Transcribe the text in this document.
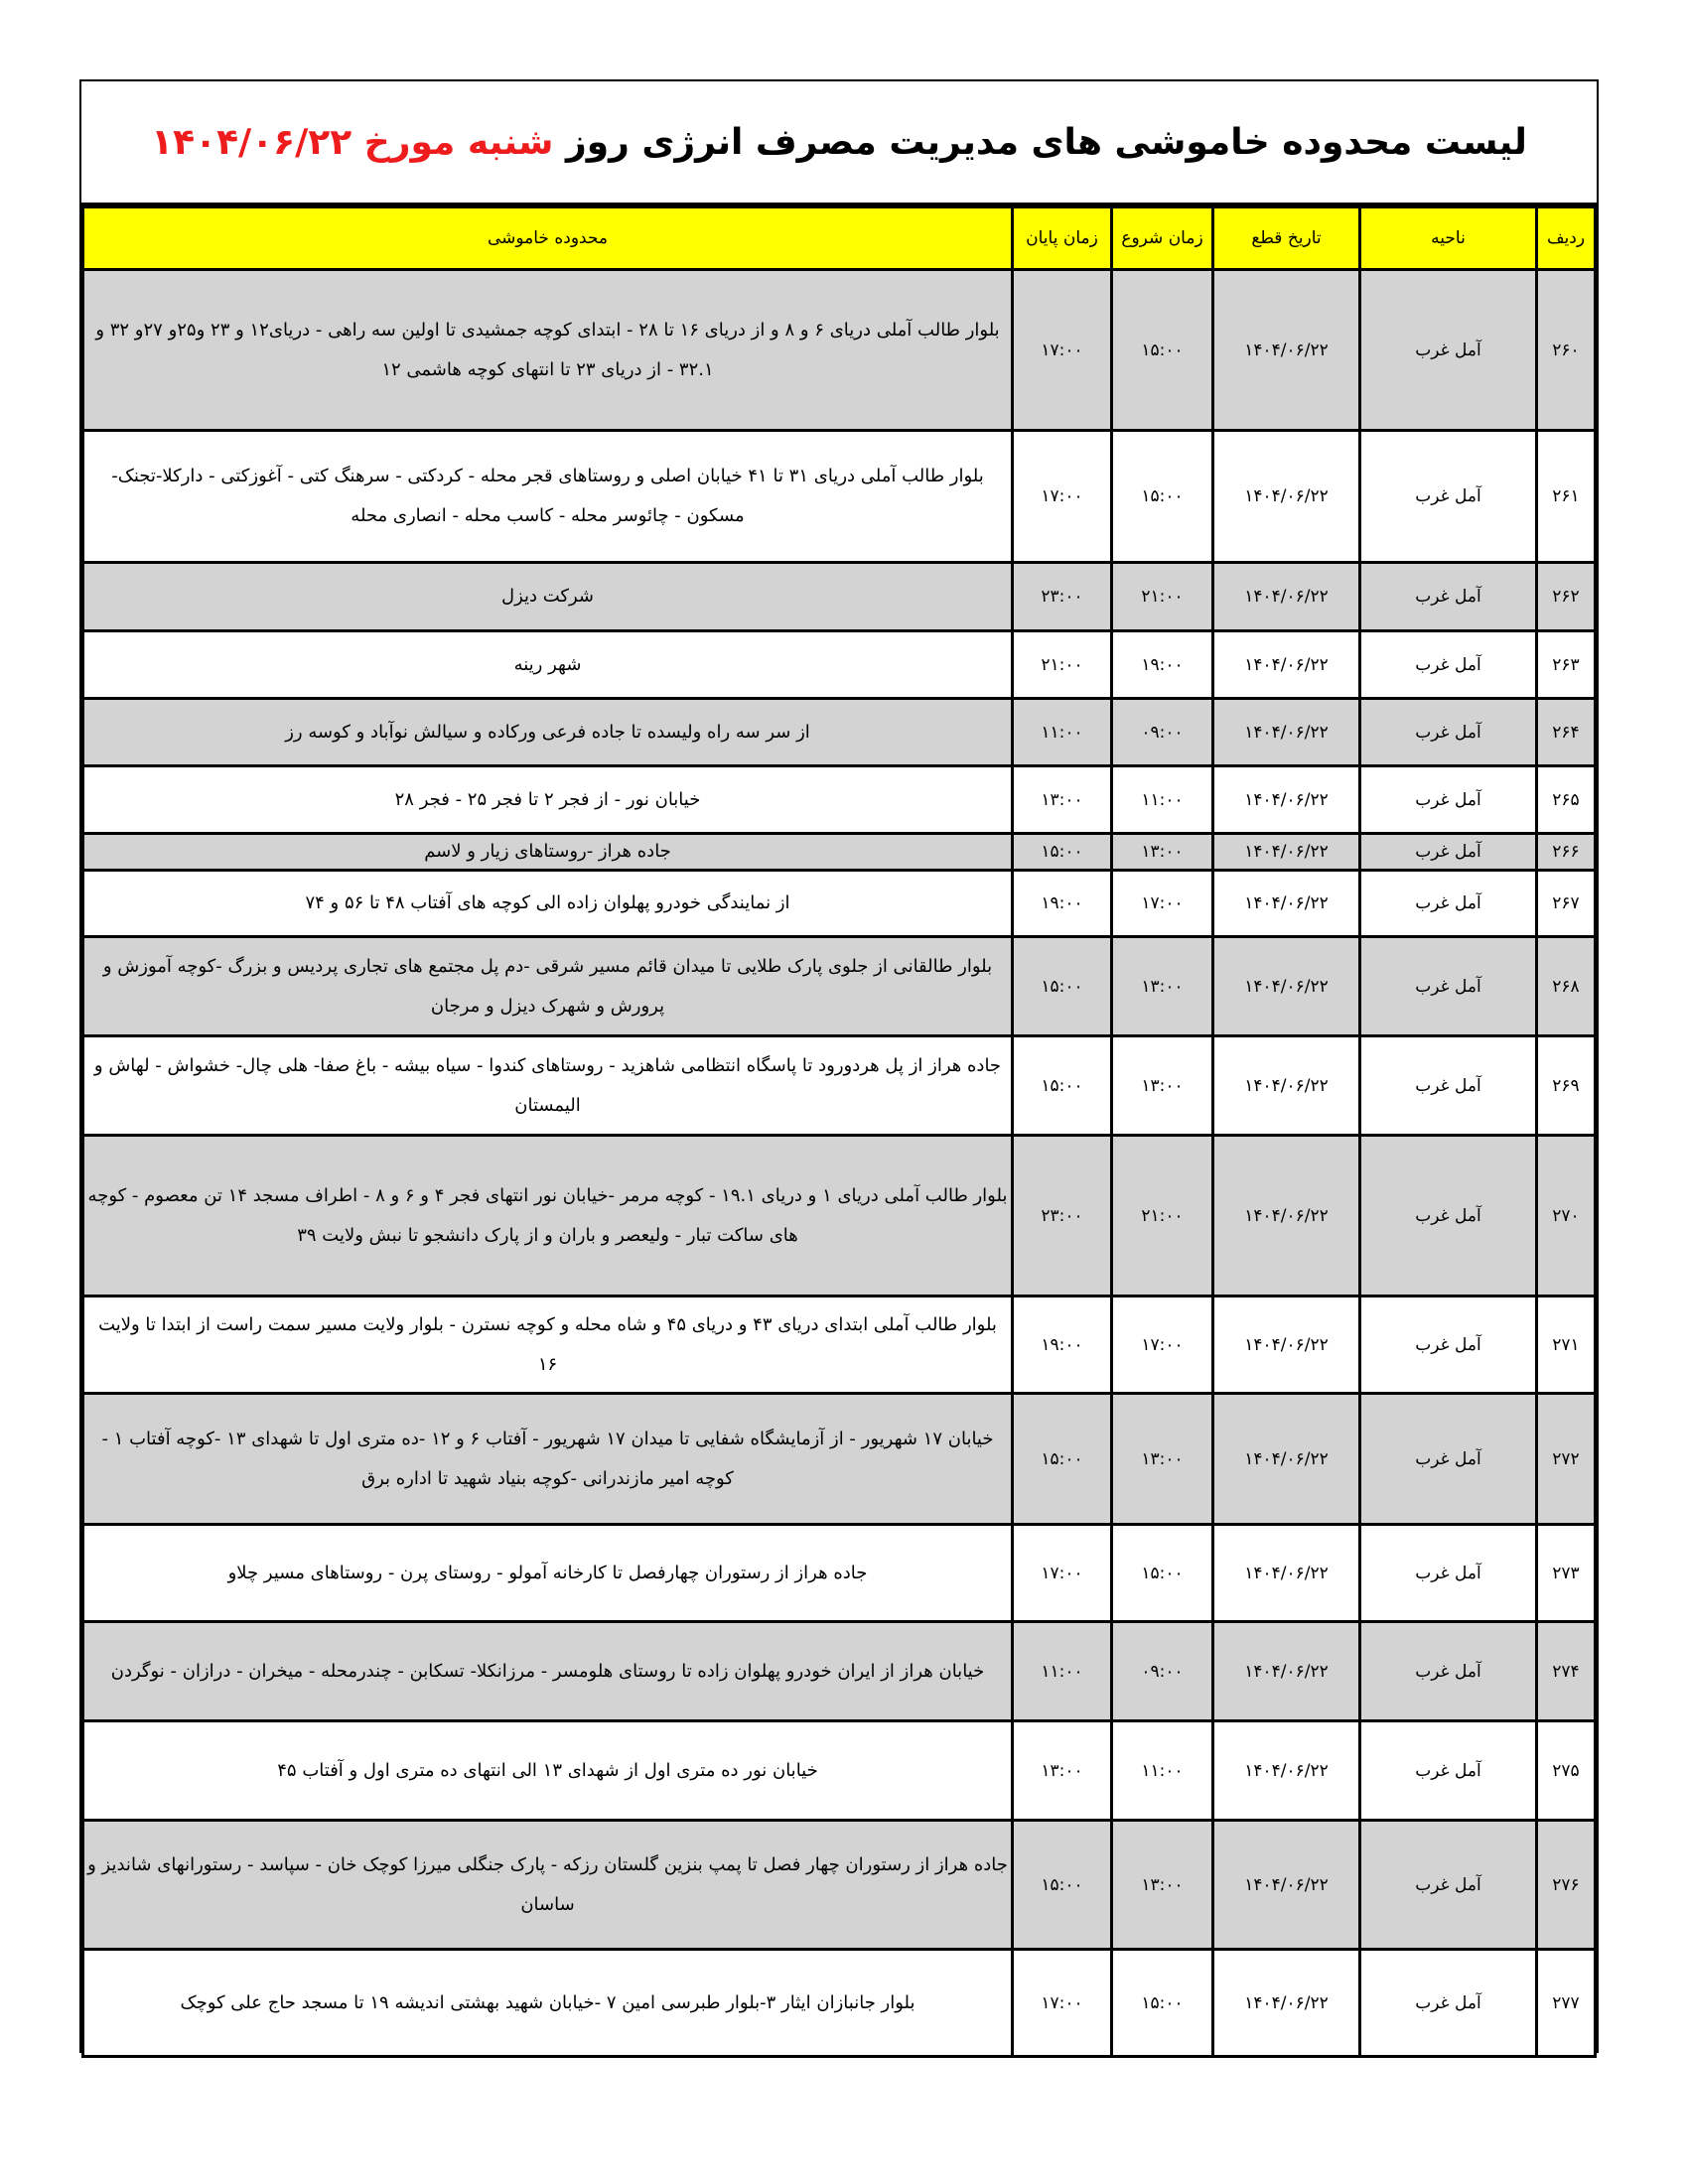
لیست محدوده خاموشی های مدیریت مصرف انرژی روز شنبه مورخ ۱۴۰۴/۰۶/۲۲
ردیف	ناحیه	تاریخ قطع	زمان شروع	زمان پایان	محدوده خاموشی
۲۶۰	آمل غرب	۱۴۰۴/۰۶/۲۲	۱۵:۰۰	۱۷:۰۰	بلوار طالب آملی دریای ۶ و ۸ و از دریای ۱۶ تا ۲۸ - ابتدای کوچه جمشیدی تا اولین سه راهی - دریای۱۲ و ۲۳ و۲۵و ۲۷و ۳۲ و ۳۲.۱ - از دریای ۲۳ تا انتهای کوچه هاشمی ۱۲
۲۶۱	آمل غرب	۱۴۰۴/۰۶/۲۲	۱۵:۰۰	۱۷:۰۰	بلوار طالب آملی دریای ۳۱ تا ۴۱ خیابان اصلی و روستاهای قجر محله - کردکتی - سرهنگ کتی - آغوزکتی - دارکلا-تجنک- مسکون - چائوسر محله - کاسب محله - انصاری محله
۲۶۲	آمل غرب	۱۴۰۴/۰۶/۲۲	۲۱:۰۰	۲۳:۰۰	شرکت دیزل
۲۶۳	آمل غرب	۱۴۰۴/۰۶/۲۲	۱۹:۰۰	۲۱:۰۰	شهر رینه
۲۶۴	آمل غرب	۱۴۰۴/۰۶/۲۲	۰۹:۰۰	۱۱:۰۰	از سر سه راه ولیسده تا جاده فرعی ورکاده و سیالش نوآباد و کوسه رز
۲۶۵	آمل غرب	۱۴۰۴/۰۶/۲۲	۱۱:۰۰	۱۳:۰۰	خیابان نور - از فجر ۲ تا فجر ۲۵ - فجر ۲۸
۲۶۶	آمل غرب	۱۴۰۴/۰۶/۲۲	۱۳:۰۰	۱۵:۰۰	جاده هراز -روستاهای زیار و لاسم
۲۶۷	آمل غرب	۱۴۰۴/۰۶/۲۲	۱۷:۰۰	۱۹:۰۰	از نمایندگی خودرو پهلوان زاده الی کوچه های آفتاب ۴۸ تا ۵۶ و ۷۴
۲۶۸	آمل غرب	۱۴۰۴/۰۶/۲۲	۱۳:۰۰	۱۵:۰۰	بلوار طالقانی از جلوی پارک طلایی تا میدان قائم مسیر شرقی -دم پل مجتمع های تجاری پردیس و بزرگ -کوچه آموزش و پرورش و شهرک دیزل و مرجان
۲۶۹	آمل غرب	۱۴۰۴/۰۶/۲۲	۱۳:۰۰	۱۵:۰۰	جاده هراز از پل هردورود تا پاسگاه انتظامی شاهزید - روستاهای کندوا - سیاه بیشه - باغ صفا- هلی چال- خشواش - لهاش و الیمستان
۲۷۰	آمل غرب	۱۴۰۴/۰۶/۲۲	۲۱:۰۰	۲۳:۰۰	بلوار طالب آملی دریای ۱ و دریای ۱۹.۱ - کوچه مرمر -خیابان نور انتهای فجر ۴ و ۶ و ۸ - اطراف مسجد ۱۴ تن معصوم - کوچه های ساکت تبار - ولیعصر و باران و از پارک دانشجو تا نبش ولایت ۳۹
۲۷۱	آمل غرب	۱۴۰۴/۰۶/۲۲	۱۷:۰۰	۱۹:۰۰	بلوار طالب آملی ابتدای دریای ۴۳ و دریای ۴۵ و شاه محله و کوچه نسترن - بلوار ولایت مسیر سمت راست از ابتدا تا ولایت ۱۶
۲۷۲	آمل غرب	۱۴۰۴/۰۶/۲۲	۱۳:۰۰	۱۵:۰۰	خیابان ۱۷ شهریور - از آزمایشگاه شفایی تا میدان ۱۷ شهریور - آفتاب ۶ و ۱۲ -ده متری اول تا شهدای ۱۳ -کوچه آفتاب ۱ - کوچه امیر مازندرانی -کوچه بنیاد شهید تا اداره برق
۲۷۳	آمل غرب	۱۴۰۴/۰۶/۲۲	۱۵:۰۰	۱۷:۰۰	جاده هراز از رستوران چهارفصل تا کارخانه آمولو - روستای پرن - روستاهای مسیر چلاو
۲۷۴	آمل غرب	۱۴۰۴/۰۶/۲۲	۰۹:۰۰	۱۱:۰۰	خیابان هراز از ایران خودرو پهلوان زاده تا روستای هلومسر - مرزانکلا- تسکابن - چندرمحله - میخران - درازان - نوگردن
۲۷۵	آمل غرب	۱۴۰۴/۰۶/۲۲	۱۱:۰۰	۱۳:۰۰	خیابان نور ده متری اول از شهدای ۱۳ الی انتهای ده متری اول و آفتاب ۴۵
۲۷۶	آمل غرب	۱۴۰۴/۰۶/۲۲	۱۳:۰۰	۱۵:۰۰	جاده هراز از رستوران چهار فصل تا پمپ بنزین گلستان رزکه - پارک جنگلی میرزا کوچک خان - سپاسد - رستورانهای شاندیز و ساسان
۲۷۷	آمل غرب	۱۴۰۴/۰۶/۲۲	۱۵:۰۰	۱۷:۰۰	بلوار جانبازان ایثار ۳-بلوار طبرسی امین ۷ -خیابان شهید بهشتی اندیشه ۱۹ تا مسجد حاج علی کوچک
